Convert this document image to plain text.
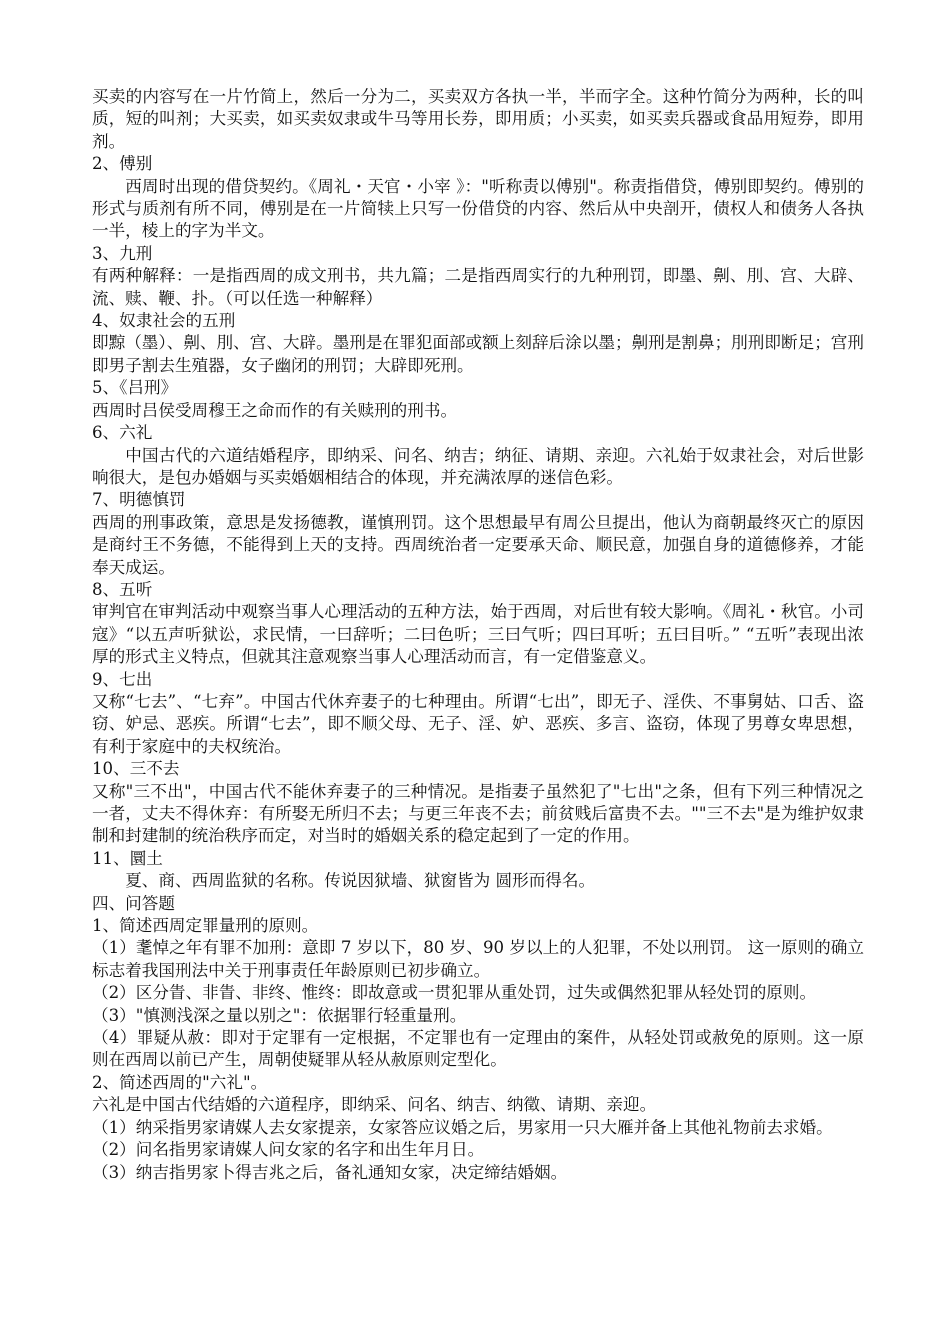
买卖的内容写在一片竹简上，然后一分为二，买卖双方各执一半，半而字全。这种竹简分为两种，长的叫质，短的叫剂；大买卖，如买卖奴隶或牛马等用长券，即用质；小买卖，如买卖兵器或食品用短券，即用剂。

2、傅别

西周时出现的借贷契约。《周礼・天官・小宰 》："听称责以傅别"。称责指借贷，傅别即契约。傅别的形式与质剂有所不同，傅别是在一片简犊上只写一份借贷的内容、然后从中央剖开，债权人和债务人各执一半，棱上的字为半文。

3、九刑

有两种解释：一是指西周的成文刑书，共九篇；二是指西周实行的九种刑罚，即墨、劓、刖、宫、大辟、流、赎、鞭、扑。（可以任选一种解释）

4、奴隶社会的五刑

即黥（墨）、劓、刖、宫、大辟。墨刑是在罪犯面部或额上刻辞后涂以墨；劓刑是割鼻；刖刑即断足；宫刑即男子割去生殖器，女子幽闭的刑罚；大辟即死刑。

5、《吕刑》

西周时吕侯受周穆王之命而作的有关赎刑的刑书。

6、六礼

中国古代的六道结婚程序，即纳采、问名、纳吉；纳征、请期、亲迎。六礼始于奴隶社会，对后世影响很大，是包办婚姻与买卖婚姻相结合的体现，并充满浓厚的迷信色彩。

7、明德慎罚

西周的刑事政策，意思是发扬德教，谨慎刑罚。这个思想最早有周公旦提出，他认为商朝最终灭亡的原因是商纣王不务德，不能得到上天的支持。西周统治者一定要承天命、顺民意，加强自身的道德修养，才能奉天成运。

8、五听

审判官在审判活动中观察当事人心理活动的五种方法，始于西周，对后世有较大影响。《周礼・秋官。小司寇》“以五声听狱讼，求民情，一曰辞听；二曰色听；三曰气听；四曰耳听；五曰目听。” “五听”表现出浓厚的形式主义特点，但就其注意观察当事人心理活动而言，有一定借鉴意义。

9、七出

又称“七去”、“七弃”。中国古代休弃妻子的七种理由。所谓“七出”，即无子、淫佚、不事舅姑、口舌、盗窃、妒忌、恶疾。所谓“七去”，即不顺父母、无子、淫、妒、恶疾、多言、盗窃，体现了男尊女卑思想，有利于家庭中的夫权统治。

10、三不去

又称"三不出"，中国古代不能休弃妻子的三种情况。是指妻子虽然犯了"七出"之条，但有下列三种情况之一者，丈夫不得休弃：有所娶无所归不去；与更三年丧不去；前贫贱后富贵不去。""三不去"是为维护奴隶制和封建制的统治秩序而定，对当时的婚姻关系的稳定起到了一定的作用。

11、圜土

夏、商、西周监狱的名称。传说因狱墙、狱窗皆为 圆形而得名。

四、问答题

1、简述西周定罪量刑的原则。

（1）耄悼之年有罪不加刑：意即 7 岁以下，80 岁、90 岁以上的人犯罪，不处以刑罚。 这一原则的确立标志着我国刑法中关于刑事责任年龄原则已初步确立。

（2）区分眚、非眚、非终、惟终：即故意或一贯犯罪从重处罚，过失或偶然犯罪从轻处罚的原则。

（3）"慎测浅深之量以别之"：依据罪行轻重量刑。

（4）罪疑从赦：即对于定罪有一定根据，不定罪也有一定理由的案件，从轻处罚或赦免的原则。这一原则在西周以前已产生，周朝使疑罪从轻从赦原则定型化。

2、简述西周的"六礼"。

六礼是中国古代结婚的六道程序，即纳采、问名、纳吉、纳徵、请期、亲迎。

（1）纳采指男家请媒人去女家提亲，女家答应议婚之后，男家用一只大雁并备上其他礼物前去求婚。

（2）问名指男家请媒人问女家的名字和出生年月日。

（3）纳吉指男家卜得吉兆之后，备礼通知女家，决定缔结婚姻。
